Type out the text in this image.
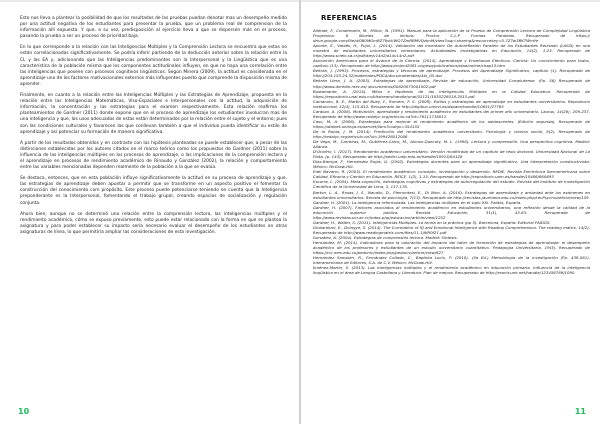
Esto nos lleva a plantear la posibilidad de que los resultados de las pruebas puedan denotar mas un desempeño medido por una actitud negativa de los estudiantes para presentar la prueba, que un problema real de comprension de la información allí expuesta. Y que, a su vez, predisposición al ejercicio lleva a que se dispersen más en el proceso, pasando la prueba a ser un proceso de prioridad baja.

En lo que corresponde a la relación con las Inteligencias Múltiples y la Comprensión Lectora se encuentra que estas no están correlacionadas significativamente. Se podría inferir partiendo de la deducción anterior sobre la relación entre la CL y las EA y, adicionando que las Inteligencias predominantes son la Interpersonal y la Lingüística que es una característica de la población misma que los componentes actitudinales influyen, en que no haya una correlación entre las inteligencias que poseen con procesos cognitivos lingüísticos. Según Minera (2009), la actitud es considerada en el aprendizaje uno de los factores motivacionales externos más influyentes puesto que comprende la disposición misma de aprender.

Finalmente, en cuanto a la relación entre las Inteligencias Múltiples y las Estrategias de Aprendizaje, propuesta en la relación entre las Inteligencias Matemáticas, Viso-Espaciales e Interpersonales con la actitud, la adquisición de información, la concentración y las estrategias para el examen respectivamente. Esta relación reafirma los planteamientos de Gardner (2011) donde expone que en el proceso de aprendizaje los estudiantes involucran mas de una inteligencia y que, los usos adecuados de estas están determinados por la relación entre el sujeto y el entorno; pues son las condiciones culturales y favorecen las que conllevan también a que el individuo pueda identificar su estilo de aprendizaje y así potenciar su formación de manera significativa.

A partir de los resultados obtenidos y en contraste con las hipótesis planteadas se puede establecer que, a pesar de las distinciones establecidas por los autores citados en el marco teórico como los propuestos de Gardner (2011) sobre la influencia de las inteligencias múltiples en los procesos de aprendizaje, o las implicaciones de la comprensión lectora y el aprendizaje en procesos de rendimiento académico de Rinaudo y González (2002), la relación y comportamiento entre las variables mencionadas dependen realmente de la población a la que se evalúa.

Se destaca, entonces, que en esta población influye significativamente la actitud en su proceso de aprendizaje y que, las estrategias de aprendizaje deben apuntar a permitir que se transforme en un aspecto positivo el fomentar la construcción del conocimiento com propósito. Este proceso puede potenciarse teniendo en cuenta que la Inteligencia preponderante es la Interpersonal, fomentando el trabajo grupal, creando espacios de socialización y regulación conjunta.

Ahora bien, aunque no se determinó una relación entre la comprensión lectora, las inteligencias múltiples y el rendimiento académico, cómo se expuso previamente, esto puede estar relacionado con la forma en que se plantea la asignatura y para poder establecer su impacto sería necesario evaluar el desempeño de los estudiantes en otras asignaturas de línea, lo que permitiría ampliar las consideraciones de esta investigación.

10
REFERENCIAS

Allende, F., Condemarín, M., Milicic, N. (1991). Manual para la aplicación de la Prueba de Comprensión Lectora de Complejidad Lingüística Progresiva: 8 Niveles de lectura. Proctor C.L.P Formas Paralelas. Recuperado de https:// drive.google.com/file/d/0B0MGmRZ7IhbVWQ7ZmRBMVQzbnM/view?usp=sharing&resourcekey=0-7Z7w3BKTWmYe

Aponte, E., Valdés, H., Pujol, L. (2014). Validación del Inventario De Autoreflexión Paralelo de los Estudiantes Revisado (LASSI) en una muestra de estudiantes universitarios venezolanos. Actualidades Investigativas en Educación, 14(2), 1-25. Recuperado de http://www.scielo.sa.cr/pdf/aie/v14n2/a14v14n2.pdf

Asociación Americana para el Avance de la Ciencia. (2014). Aprendizaje y Enseñanza Efectivos. Ciencia: Un conocimiento para todos, capítulo (13). Recuperado de http://www.project2061.org/esp/publications/sfaa/online/chap13.htm

Beltrán, J. (1993). Procesos, estrategias y técnicas de aprendizaje. Procesos del Aprendizaje Significativo, capítulo (1). Recuperado de http://204.153.24.32/materiales/PDCA/docs/materiales/4to_05.doc

Beltrán Llera, J. A. (2003). Estrategias de aprendizaje. Revista de educación, Universidad Complutense. (Pp. 56) Recuperado de http://www.doredin.mec.es/ documentos/00820073001002.pdf

Bustamante, A. (2015). Mitos e Hipótesis de las Inteligencias Múltiples en la Calidad Educativa. Recuperado de https://repositorio.unal.edu.co/bitstream/handle/unal/55121/1035226018.2015.pdf

Camacaro, R. E., Martín del Buey, F., Romero, F. S. (2009). Estilos y estrategias de aprendizaje en estudiantes universitarios. Repositorio institucional, 12(4), 115-612. Recuperado de http://digibuo.uniovi.es/dspace/handle/10651/27765

Cardozo, A. (2008). Motivación, aprendizaje y rendimiento académico en estudiantes del primer año universitario. Laurus, 14(28), 209-237. Recuperado de http://www.redalyc.org/articulo.oa?id=76111716011

Caso, M. A. (2006). Estrategias para mejorar el rendimiento académico de los adolescentes. (Edición segunda). Recuperado de https://dialnet.unirioja.es/servlet/libro?codigo=354155

De la Rubia, J. M. (2014). Predicción del rendimiento académico universitario. Psicología y ciencia social, 8(2). Recuperado de http://redalyc.org/articulo.oa?id=199426012006

De Vega, M., Carreiras, M., Gutiérrez-Calvo, M., Alonso-Quecuty, M. L. (1990). Lectura y comprensión. Una perspectiva cognitiva. Madrid: Alianza.

D'Onofrio, I. (2017). Rendimiento académico universitario. Versión modificada de un capítulo de tesis doctoral. Universidad Nacional de La Plata. (p. 143). Recuperado de http://sedici.unlp.edu.ar/handle/10915/64128

Díaz-Barriga, F., Hernández Rojas, G. (2002). Estrategias docentes para un aprendizaje significativo. Una interpretación constructivista. México: McGraw-Hill.

Edel Navarro, R. (2003). El rendimiento académico: concepto, investigación y desarrollo. REDIE. Revista Electrónica Iberoamericana sobre Calidad, Eficacia y Cambio en Educación. REICE, 1(2), 1-15. Recuperado de http://repositorio.uam.es/handle/10486/660693

Escurra, L. (2004). Meta-cognición, estrategias cognitivas y estrategias de autorregulación del estudio. Revista del Instituto de Investigación Científica de la Universidad de Lima, 5, 157-176.

Barton, L. A., Rosas, J. S., Navallo, D., Piemontesi, E., Di Nino, A. (2016). Estrategias de aprendizaje y ansiedad ante los exámenes en estudiantes universitarios. Revista de psicología, 7(13). Recuperado de http://revistas.javeriana.edu.co/index.php/revPsycho/article/view/159

Gardner, H. (2001). La Inteligencia reformulada. Las inteligencias múltiples en el siglo XXI. Paidós, España.

Gardner, H. (2007). Factores asociados al rendimiento académico en estudiantes universitarios, una reflexión desde la calidad de la educación superior pública. Revista Educación, 31(1), 43-63. Recuperado de http://www.revistas.ucr.ac.cr/index.php/educacion/article/view/1252

Gardner, H., Walter, S. (2011). Inteligencias Múltiples. La teoría en la práctica (pp 3). Barcelona, España: Editorial PAIDÓS.

Ghalamkari, E., Doingye, S. (2014). The Correlation of IQ and Emotional Intelligence with Reading Comprehension. The reading matrix, 14(2). Recuperado de http://www.readingmatrix.com/files/11-1j9iR0f21.pdf

González, A. (2004). Estrategias de comprensión lectora. Madrid: Síntesis.

Hernández, M. (2014). Indicadores para la valoración del impacto del taller de formación de estrategias de aprendizaje: el desempeño académico de los profesores y estudiantes de un estudio universitario cuantitativo. Pedagogía Universitaria, 19(3). Recuperado de https://cvi.mes.edu.cu/peduniv/index.php/peduniv/article/view/627

Hernández Sampieri, R., Fernández Collado, C., Baptista Lucio, P. (2010). (5a Ed.) Metodología de la investigación (Pp. 439-561). Interamericana de Editores, S.A. de C.V. México: McGraw-Hill.

Jiménez-Martín, S. (2013). Las inteligencias múltiples y el rendimiento académico en educación primaria. Influencia de la inteligencia lingüística en el área de Lengua Castellana y Literatura. Plan de mejora. Recuperado de http://reunir.unir.net/handle/123456789/1090

11
